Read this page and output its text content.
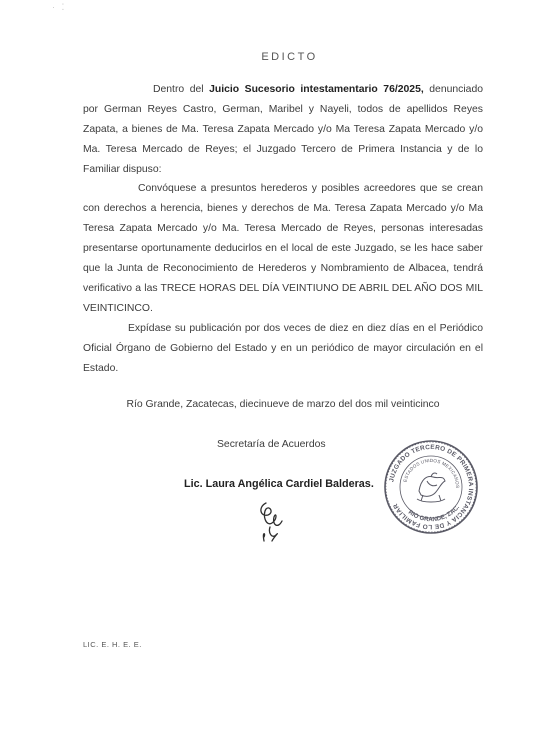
· ⁚
EDICTO
Dentro del Juicio Sucesorio intestamentario 76/2025, denunciado por German Reyes Castro, German, Maribel y Nayeli, todos de apellidos Reyes Zapata, a bienes de Ma. Teresa Zapata Mercado y/o Ma Teresa Zapata Mercado y/o Ma. Teresa Mercado de Reyes; el Juzgado Tercero de Primera Instancia y de lo Familiar dispuso:
Convóquese a presuntos herederos y posibles acreedores que se crean con derechos a herencia, bienes y derechos de Ma. Teresa Zapata Mercado y/o Ma Teresa Zapata Mercado y/o Ma. Teresa Mercado de Reyes, personas interesadas presentarse oportunamente deducirlos en el local de este Juzgado, se les hace saber que la Junta de Reconocimiento de Herederos y Nombramiento de Albacea, tendrá verificativo a las TRECE HORAS DEL DÍA VEINTIUNO DE ABRIL DEL AÑO DOS MIL VEINTICINCO.
Expídase su publicación por dos veces de diez en diez días en el Periódico Oficial Órgano de Gobierno del Estado y en un periódico de mayor circulación en el Estado.
Río Grande, Zacatecas, diecinueve de marzo del dos mil veinticinco
Secretaría de Acuerdos
Lic. Laura Angélica Cardiel Balderas. JUZGADO TERCERO DE PRIMERA INSTANCIA Y DE LO FAMILIAR
ESTADOS UNIDOS MEXICANOS
RIO GRANDE, ZAC.
LIC. E. H. E. E.
